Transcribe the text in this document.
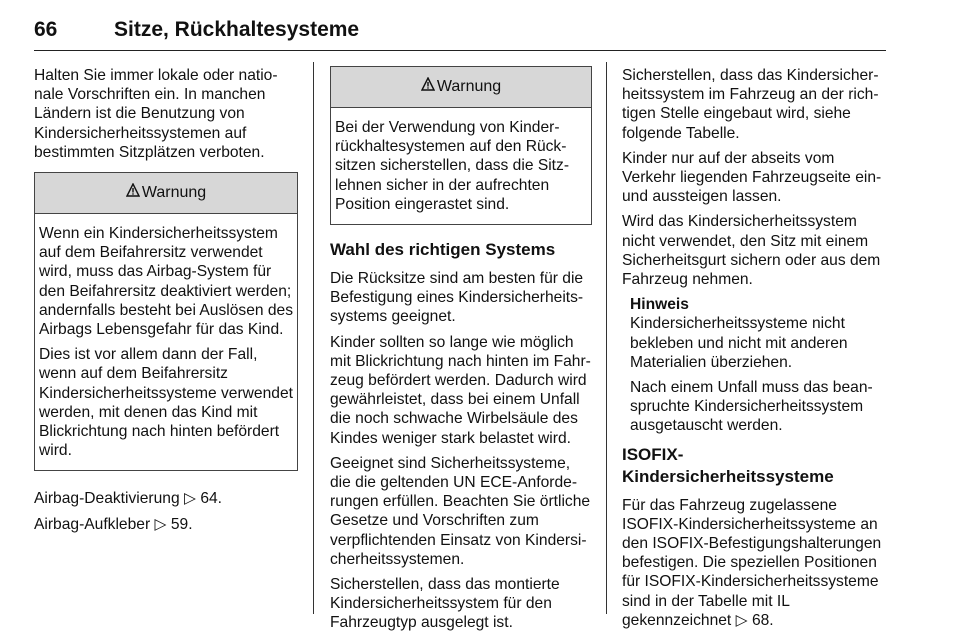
66	Sitze, Rückhaltesysteme

Halten Sie immer lokale oder nationale Vorschriften ein. In manchen Ländern ist die Benutzung von Kindersicherheitssystemen auf bestimmten Sitzplätzen verboten.

Warnung

Wenn ein Kindersicherheitssystem auf dem Beifahrersitz verwendet wird, muss das Airbag-System für den Beifahrersitz deaktiviert werden; andernfalls besteht bei Auslösen des Airbags Lebensgefahr für das Kind.

Dies ist vor allem dann der Fall, wenn auf dem Beifahrersitz Kindersicherheitssysteme verwendet werden, mit denen das Kind mit Blickrichtung nach hinten befördert wird.

Airbag-Deaktivierung ▷ 64.

Airbag-Aufkleber ▷ 59.

Warnung

Bei der Verwendung von Kinderrückhaltesystemen auf den Rücksitzen sicherstellen, dass die Sitzlehnen sicher in der aufrechten Position eingerastet sind.

Wahl des richtigen Systems

Die Rücksitze sind am besten für die Befestigung eines Kindersicherheitssystems geeignet.

Kinder sollten so lange wie möglich mit Blickrichtung nach hinten im Fahrzeug befördert werden. Dadurch wird gewährleistet, dass bei einem Unfall die noch schwache Wirbelsäule des Kindes weniger stark belastet wird.

Geeignet sind Sicherheitssysteme, die die geltenden UN ECE-Anforderungen erfüllen. Beachten Sie örtliche Gesetze und Vorschriften zum verpflichtenden Einsatz von Kindersicherheitssystemen.

Sicherstellen, dass das montierte Kindersicherheitssystem für den Fahrzeugtyp ausgelegt ist.

Sicherstellen, dass das Kindersicherheitssystem im Fahrzeug an der richtigen Stelle eingebaut wird, siehe folgende Tabelle.

Kinder nur auf der abseits vom Verkehr liegenden Fahrzeugseite ein- und aussteigen lassen.

Wird das Kindersicherheitssystem nicht verwendet, den Sitz mit einem Sicherheitsgurt sichern oder aus dem Fahrzeug nehmen.

Hinweis

Kindersicherheitssysteme nicht bekleben und nicht mit anderen Materialien überziehen.

Nach einem Unfall muss das beanspruchte Kindersicherheitssystem ausgetauscht werden.

ISOFIX-Kindersicherheitssysteme

Für das Fahrzeug zugelassene ISOFIX-Kindersicherheitssysteme an den ISOFIX-Befestigungshalterungen befestigen. Die speziellen Positionen für ISOFIX-Kindersicherheitssysteme sind in der Tabelle mit IL gekennzeichnet ▷ 68.
